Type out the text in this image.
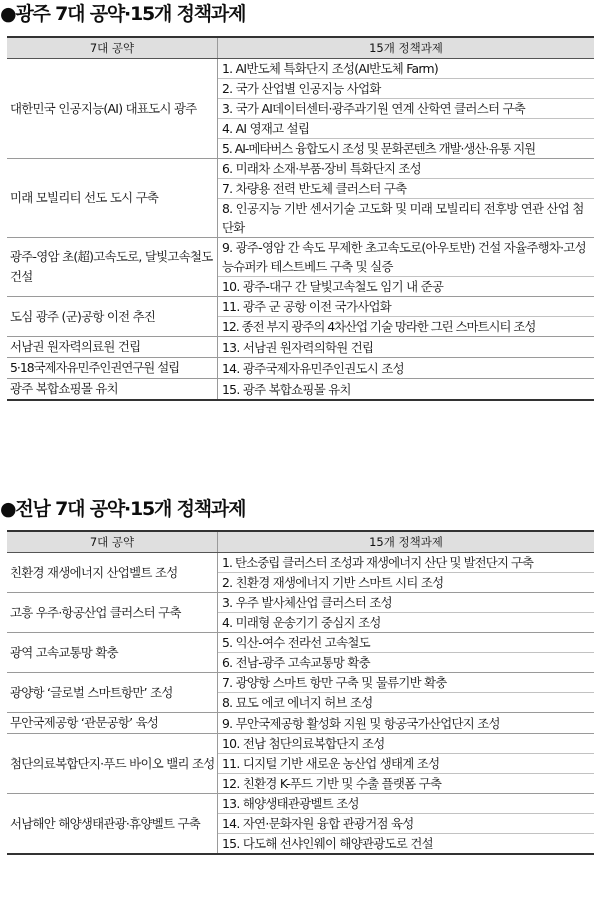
●광주 7대 공약·15개 정책과제
7대 공약	15개 정책과제
대한민국 인공지능(AI) 대표도시 광주	1. AI반도체 특화단지 조성(AI반도체 Farm)
	2. 국가 산업별 인공지능 사업화
	3. 국가 AI데이터센터·광주과기원 연계 산학연 클러스터 구축
	4. AI 영재고 설립
	5. AI-메타버스 융합도시 조성 및 문화콘텐츠 개발·생산·유통 지원
미래 모빌리티 선도 도시 구축	6. 미래차 소재·부품·장비 특화단지 조성
	7. 차량용 전력 반도체 클러스터 구축
	8. 인공지능 기반 센서기술 고도화 및 미래 모빌리티 전후방 연관 산업 첨단화
광주-영암 초(超)고속도로, 달빛고속철도 건설	9. 광주-영암 간 속도 무제한 초고속도로(아우토반) 건설 자율주행차·고성능슈퍼카 테스트베드 구축 및 실증
	10. 광주-대구 간 달빛고속철도 임기 내 준공
도심 광주 (군)공항 이전 추진	11. 광주 군 공항 이전 국가사업화
	12. 종전 부지 광주의 4차산업 기술 망라한 그린 스마트시티 조성
서남권 원자력의료원 건립	13. 서남권 원자력의학원 건립
5·18국제자유민주인권연구원 설립	14. 광주국제자유민주인권도시 조성
광주 복합쇼핑몰 유치	15. 광주 복합쇼핑몰 유치
●전남 7대 공약·15개 정책과제
7대 공약	15개 정책과제
친환경 재생에너지 산업벨트 조성	1. 탄소중립 클러스터 조성과 재생에너지 산단 및 발전단지 구축
	2. 친환경 재생에너지 기반 스마트 시티 조성
고흥 우주·항공산업 클러스터 구축	3. 우주 발사체산업 클러스터 조성
	4. 미래형 운송기기 중심지 조성
광역 고속교통망 확충	5. 익산-여수 전라선 고속철도
	6. 전남-광주 고속교통망 확충
광양항 ‘글로벌 스마트항만’ 조성	7. 광양항 스마트 항만 구축 및 물류기반 확충
	8. 묘도 에코 에너지 허브 조성
무안국제공항 ‘관문공항’ 육성	9. 무안국제공항 활성화 지원 및 항공국가산업단지 조성
첨단의료복합단지·푸드 바이오 밸리 조성	10. 전남 첨단의료복합단지 조성
	11. 디지털 기반 새로운 농산업 생태계 조성
	12. 친환경 K-푸드 기반 및 수출 플랫폼 구축
서남해안 해양생태관광·휴양벨트 구축	13. 해양생태관광벨트 조성
	14. 자연·문화자원 융합 관광거점 육성
	15. 다도해 선샤인웨이 해양관광도로 건설
